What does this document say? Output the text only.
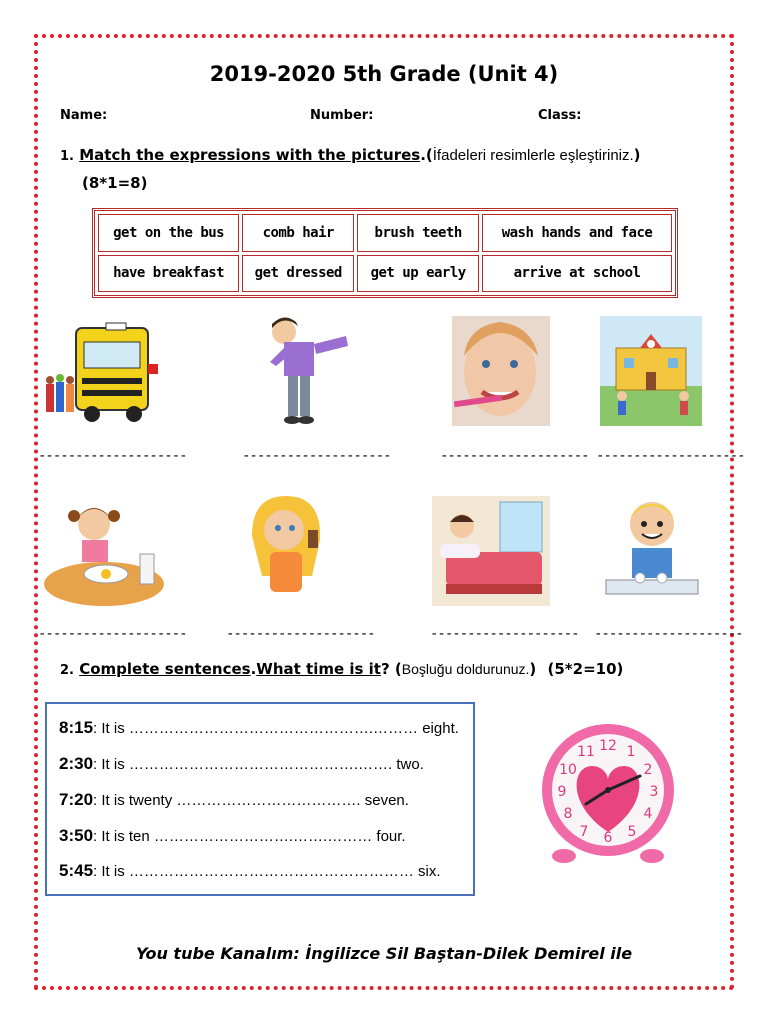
2019-2020 5th Grade (Unit 4)
Name:	Number:	Class:
1. Match the expressions with the pictures.(İfadeleri resimlerle eşleştiriniz.)
(8*1=8)
get on the bus	comb hair	brush teeth	wash hands and face
have breakfast	get dressed	get up early	arrive at school
--------------------	--------------------	-------------------- --------------------
--------------------	--------------------	-------------------- --------------------
2. Complete sentences.What time is it? (Boşluğu doldurunuz.) (5*2=10)
8:15: It is ………………………………………….……… eight.
2:30: It is ……………………………………….……. two.
7:20: It is twenty ………………………………. seven.
3:50: It is ten ……………………….…….……… four.
5:45: It is ………………………………………………… six.
12 1
2
3
4
5
6
7
8
9
10
11
You tube Kanalım: İngilizce Sil Baştan-Dilek Demirel ile
